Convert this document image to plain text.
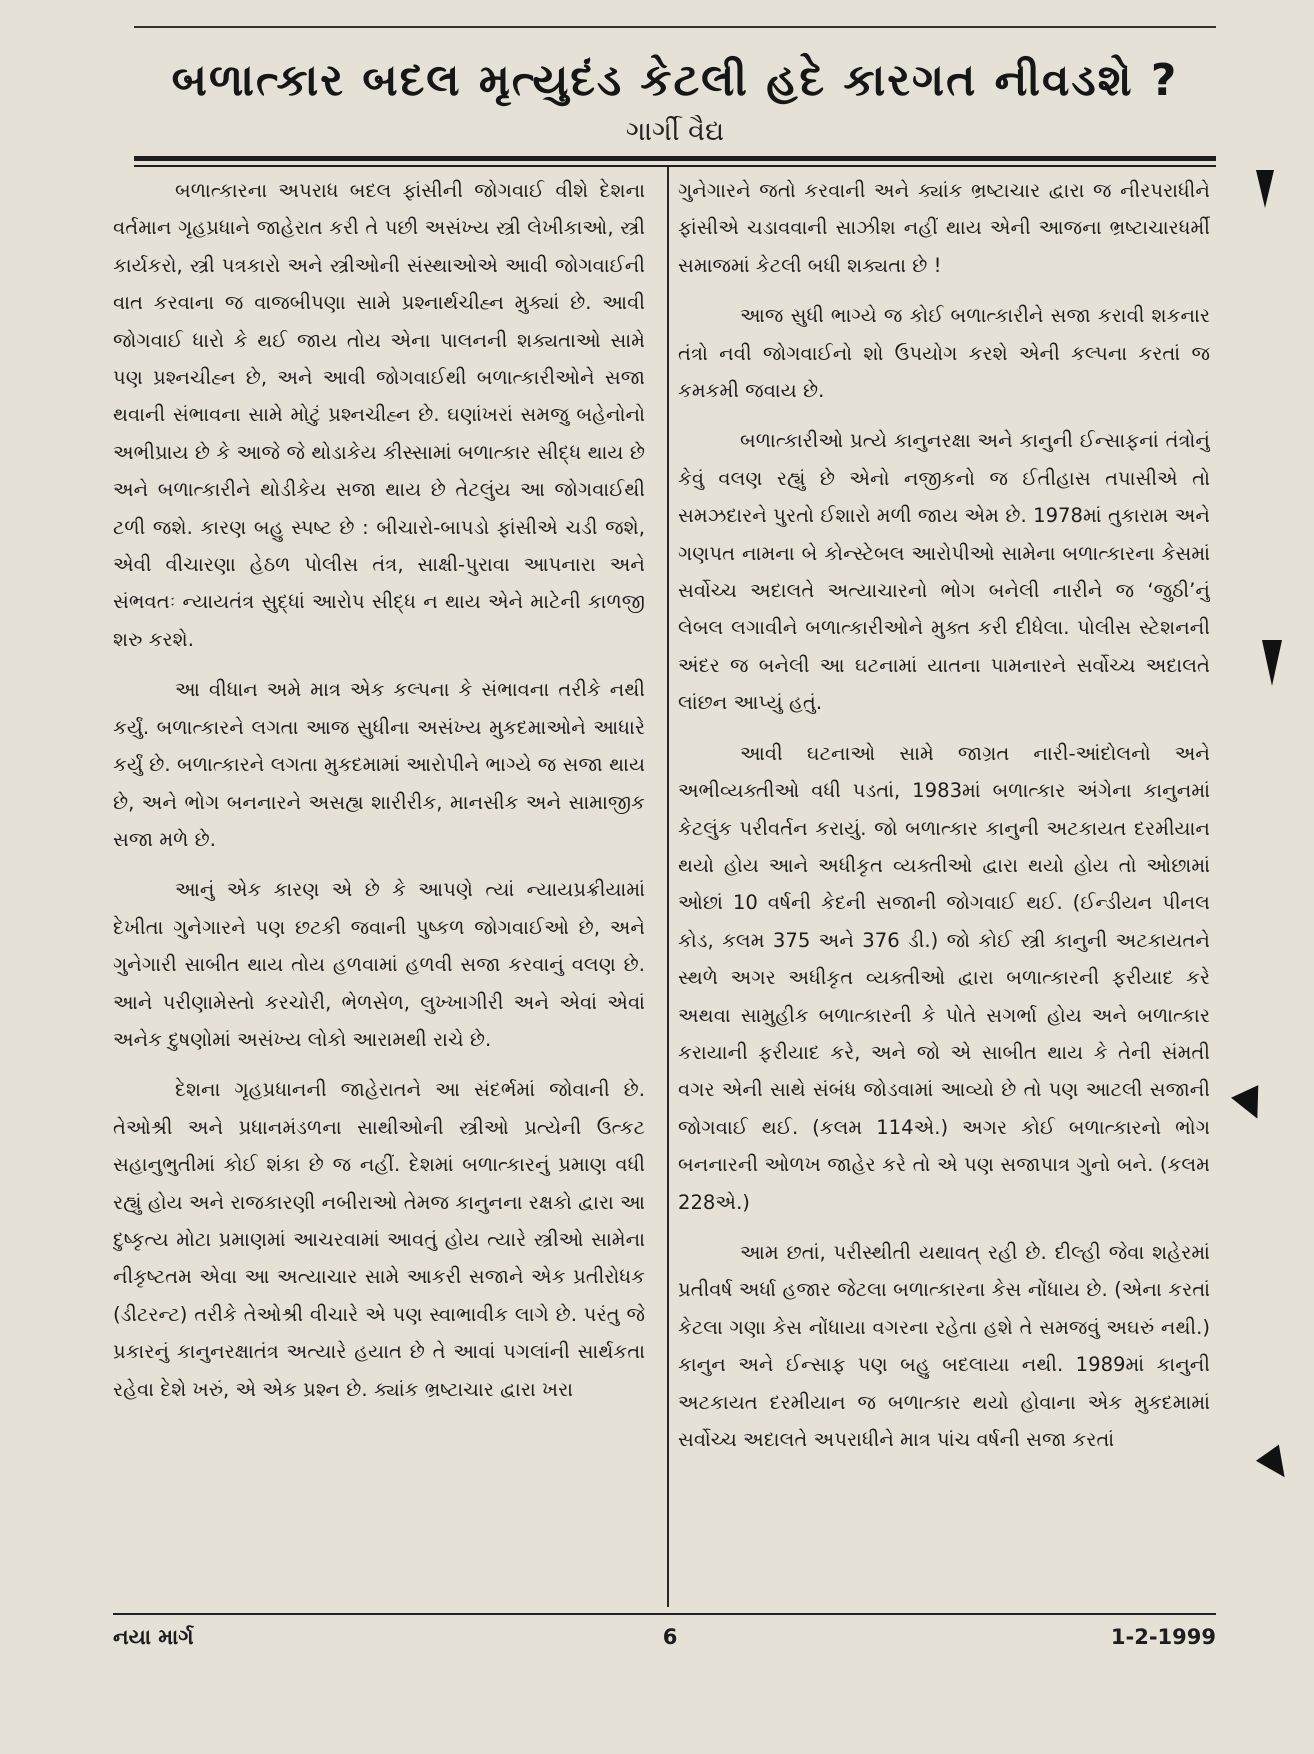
બળાત્કાર બદલ મૃત્યુદંડ કેટલી હદે કારગત નીવડશે ?
ગાર્ગી વૈદ્ય

બળાત્કારના અપરાધ બદલ ફાંસીની જોગવાઈ વીશે દેશના વર્તમાન ગૃહપ્રધાને જાહેરાત કરી તે પછી અસંખ્ય સ્ત્રી લેખીકાઓ, સ્ત્રી કાર્યકરો, સ્ત્રી પત્રકારો અને સ્ત્રીઓની સંસ્થાઓએ આવી જોગવાઈની વાત કરવાના જ વાજબીપણા સામે પ્રશ્નાર્થચીહ્ન મુક્યાં છે. આવી જોગવાઈ ધારો કે થઈ જાય તોય એના પાલનની શક્યતાઓ સામે પણ પ્રશ્નચીહ્ન છે, અને આવી જોગવાઈથી બળાત્કારીઓને સજા થવાની સંભાવના સામે મોટું પ્રશ્નચીહ્ન છે. ઘણાંખરાં સમજુ બહેનોનો અભીપ્રાય છે કે આજે જે થોડાકેય કીસ્સામાં બળાત્કાર સીદ્ધ થાય છે અને બળાત્કારીને થોડીકેય સજા થાય છે તેટલુંય આ જોગવાઈથી ટળી જશે. કારણ બહુ સ્પષ્ટ છે : બીચારો-બાપડો ફાંસીએ ચડી જશે, એવી વીચારણા હેઠળ પોલીસ તંત્ર, સાક્ષી-પુરાવા આપનારા અને સંભવતઃ ન્યાયતંત્ર સુદ્ધાં આરોપ સીદ્ધ ન થાય એને માટેની કાળજી શરુ કરશે.

આ વીધાન અમે માત્ર એક કલ્પના કે સંભાવના તરીકે નથી કર્યું. બળાત્કારને લગતા આજ સુધીના અસંખ્ય મુકદમાઓને આધારે કર્યું છે. બળાત્કારને લગતા મુકદમામાં આરોપીને ભાગ્યે જ સજા થાય છે, અને ભોગ બનનારને અસહ્ય શારીરીક, માનસીક અને સામાજીક સજા મળે છે.

આનું એક કારણ એ છે કે આપણે ત્યાં ન્યાયપ્રક્રીયામાં દેખીતા ગુનેગારને પણ છટકી જવાની પુષ્કળ જોગવાઈઓ છે, અને ગુનેગારી સાબીત થાય તોય હળવામાં હળવી સજા કરવાનું વલણ છે. આને પરીણામેસ્તો કરચોરી, ભેળસેળ, લુખ્ખાગીરી અને એવાં એવાં અનેક દુષણોમાં અસંખ્ય લોકો આરામથી રાચે છે.

દેશના ગૃહપ્રધાનની જાહેરાતને આ સંદર્ભમાં જોવાની છે. તેઓશ્રી અને પ્રધાનમંડળના સાથીઓની સ્ત્રીઓ પ્રત્યેની ઉત્કટ સહાનુભુતીમાં કોઈ શંકા છે જ નહીં. દેશમાં બળાત્કારનું પ્રમાણ વધી રહ્યું હોય અને રાજકારણી નબીરાઓ તેમજ કાનુનના રક્ષકો દ્વારા આ દુષ્કૃત્ય મોટા પ્રમાણમાં આચરવામાં આવતું હોય ત્યારે સ્ત્રીઓ સામેના નીકૃષ્ટતમ એવા આ અત્યાચાર સામે આકરી સજાને એક પ્રતીરોધક (ડીટરન્ટ) તરીકે તેઓશ્રી વીચારે એ પણ સ્વાભાવીક લાગે છે. પરંતુ જે પ્રકારનું કાનુનરક્ષાતંત્ર અત્યારે હયાત છે તે આવાં પગલાંની સાર્થકતા રહેવા દેશે ખરું, એ એક પ્રશ્ન છે. ક્યાંક ભ્રષ્ટાચાર દ્વારા ખરા

ગુનેગારને જતો કરવાની અને ક્યાંક ભ્રષ્ટાચાર દ્વારા જ નીરપરાધીને ફાંસીએ ચડાવવાની સાઝીશ નહીં થાય એની આજના ભ્રષ્ટાચારધર્મી સમાજમાં કેટલી બધી શક્યતા છે !

આજ સુધી ભાગ્યે જ કોઈ બળાત્કારીને સજા કરાવી શકનાર તંત્રો નવી જોગવાઈનો શો ઉપયોગ કરશે એની કલ્પના કરતાં જ કમકમી જવાય છે.

બળાત્કારીઓ પ્રત્યે કાનુનરક્ષા અને કાનુની ઈન્સાફનાં તંત્રોનું કેવું વલણ રહ્યું છે એનો નજીકનો જ ઈતીહાસ તપાસીએ તો સમઝદારને પુરતો ઈશારો મળી જાય એમ છે. 1978માં તુકારામ અને ગણપત નામના બે કોન્સ્ટેબલ આરોપીઓ સામેના બળાત્કારના કેસમાં સર્વોચ્ચ અદાલતે અત્યાચારનો ભોગ બનેલી નારીને જ ‘જુઠી’નું લેબલ લગાવીને બળાત્કારીઓને મુક્ત કરી દીધેલા. પોલીસ સ્ટેશનની અંદર જ બનેલી આ ઘટનામાં યાતના પામનારને સર્વોચ્ચ અદાલતે લાંછન આપ્યું હતું.

આવી ઘટનાઓ સામે જાગ્રત નારી-આંદોલનો અને અભીવ્યક્તીઓ વધી પડતાં, 1983માં બળાત્કાર અંગેના કાનુનમાં કેટલુંક પરીવર્તન કરાયું. જો બળાત્કાર કાનુની અટકાયત દરમીયાન થયો હોય આને અધીકૃત વ્યક્તીઓ દ્વારા થયો હોય તો ઓછામાં ઓછાં 10 વર્ષની કેદની સજાની જોગવાઈ થઈ. (ઈન્ડીયન પીનલ કોડ, કલમ 375 અને 376 ડી.) જો કોઈ સ્ત્રી કાનુની અટકાયતને સ્થળે અગર અધીકૃત વ્યક્તીઓ દ્વારા બળાત્કારની ફરીયાદ કરે અથવા સામુહીક બળાત્કારની કે પોતે સગર્ભા હોય અને બળાત્કાર કરાયાની ફરીયાદ કરે, અને જો એ સાબીત થાય કે તેની સંમતી વગર એની સાથે સંબંધ જોડવામાં આવ્યો છે તો પણ આટલી સજાની જોગવાઈ થઈ. (કલમ 114એ.) અગર કોઈ બળાત્કારનો ભોગ બનનારની ઓળખ જાહેર કરે તો એ પણ સજાપાત્ર ગુનો બને. (કલમ 228એ.)

આમ છતાં, પરીસ્થીતી યથાવત્ રહી છે. દીલ્હી જેવા શહેરમાં પ્રતીવર્ષ અર્ધા હજાર જેટલા બળાત્કારના કેસ નોંધાય છે. (એના કરતાં કેટલા ગણા કેસ નોંધાયા વગરના રહેતા હશે તે સમજવું અઘરું નથી.) કાનુન અને ઈન્સાફ પણ બહુ બદલાયા નથી. 1989માં કાનુની અટકાયત દરમીયાન જ બળાત્કાર થયો હોવાના એક મુકદમામાં સર્વોચ્ચ અદાલતે અપરાધીને માત્ર પાંચ વર્ષની સજા કરતાં

નયા માર્ગ	6	1-2-1999
